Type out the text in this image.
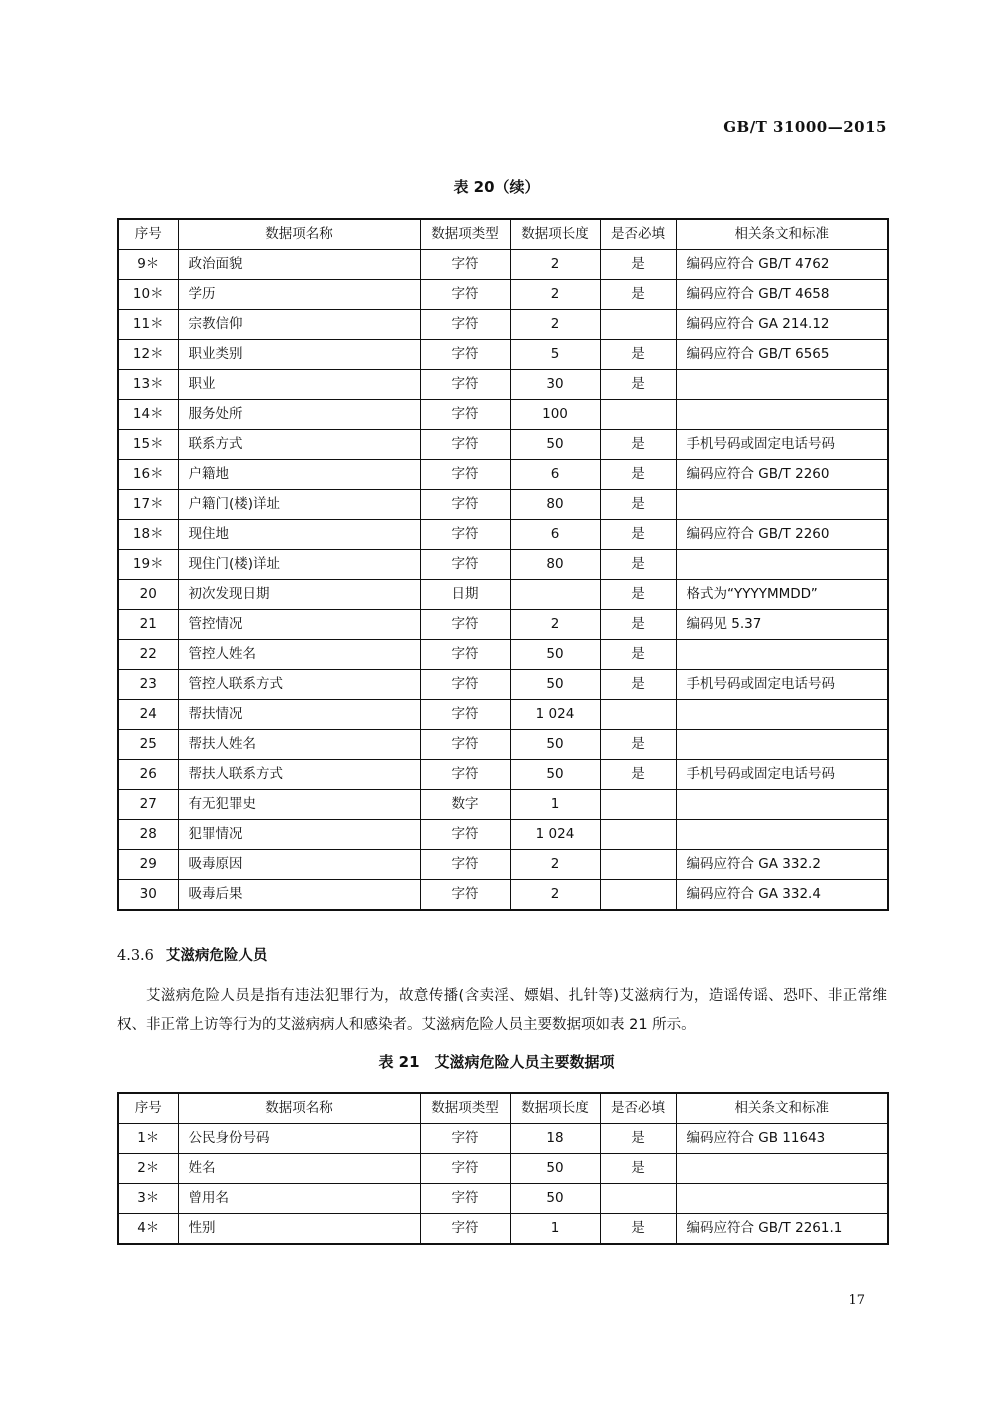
GB/T 31000—2015
表 20（续）
序号	数据项名称	数据项类型	数据项长度	是否必填	相关条文和标准
9＊	政治面貌	字符	2	是	编码应符合 GB/T 4762
10＊	学历	字符	2	是	编码应符合 GB/T 4658
11＊	宗教信仰	字符	2		编码应符合 GA 214.12
12＊	职业类别	字符	5	是	编码应符合 GB/T 6565
13＊	职业	字符	30	是	
14＊	服务处所	字符	100		
15＊	联系方式	字符	50	是	手机号码或固定电话号码
16＊	户籍地	字符	6	是	编码应符合 GB/T 2260
17＊	户籍门(楼)详址	字符	80	是	
18＊	现住地	字符	6	是	编码应符合 GB/T 2260
19＊	现住门(楼)详址	字符	80	是	
20	初次发现日期	日期		是	格式为“YYYYMMDD”
21	管控情况	字符	2	是	编码见 5.37
22	管控人姓名	字符	50	是	
23	管控人联系方式	字符	50	是	手机号码或固定电话号码
24	帮扶情况	字符	1 024		
25	帮扶人姓名	字符	50	是	
26	帮扶人联系方式	字符	50	是	手机号码或固定电话号码
27	有无犯罪史	数字	1		
28	犯罪情况	字符	1 024		
29	吸毒原因	字符	2		编码应符合 GA 332.2
30	吸毒后果	字符	2		编码应符合 GA 332.4
4.3.6 艾滋病危险人员
艾滋病危险人员是指有违法犯罪行为，故意传播(含卖淫、嫖娼、扎针等)艾滋病行为，造谣传谣、恐吓、非正常维权、非正常上访等行为的艾滋病病人和感染者。艾滋病危险人员主要数据项如表 21 所示。
表 21　艾滋病危险人员主要数据项
序号	数据项名称	数据项类型	数据项长度	是否必填	相关条文和标准
1＊	公民身份号码	字符	18	是	编码应符合 GB 11643
2＊	姓名	字符	50	是	
3＊	曾用名	字符	50		
4＊	性别	字符	1	是	编码应符合 GB/T 2261.1
17
